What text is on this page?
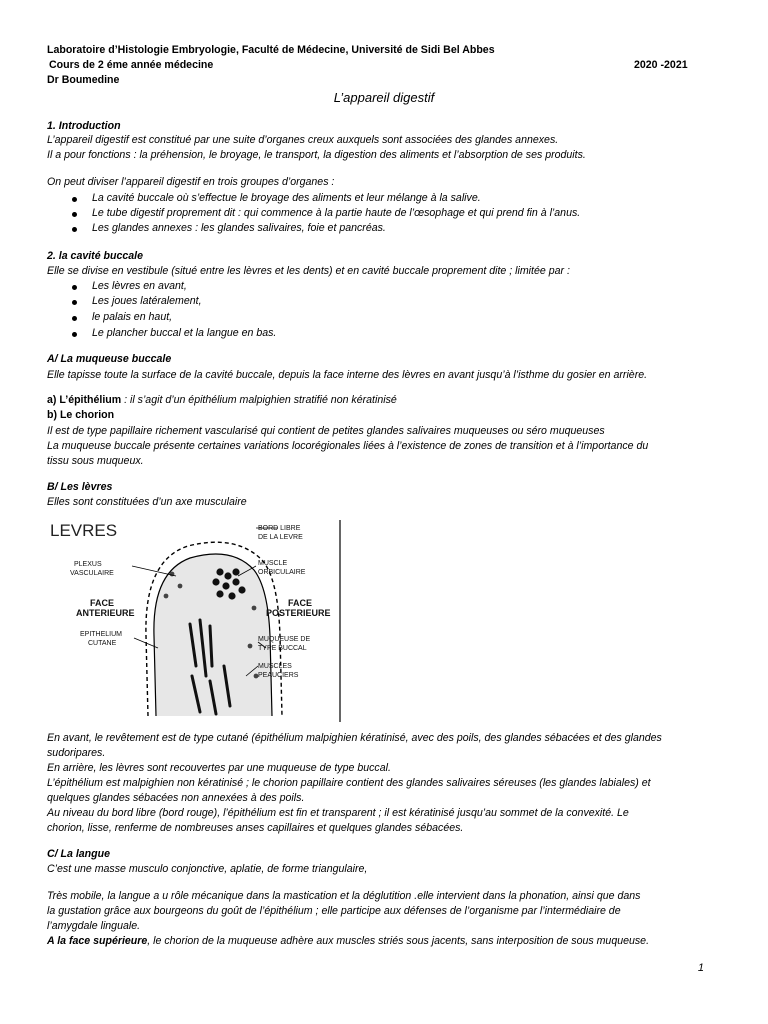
Laboratoire d’Histologie Embryologie, Faculté de Médecine, Université de Sidi Bel Abbes
Cours de 2 éme année médecine	2020 -2021
Dr Boumedine
L’appareil digestif
1. Introduction
L’appareil digestif est constitué par une suite d’organes creux auxquels sont associées des glandes annexes.
Il a pour fonctions : la préhension, le broyage, le transport, la digestion des aliments et l’absorption de ses produits.
On peut diviser l’appareil digestif en trois groupes d’organes :
La cavité buccale où s’effectue le broyage des aliments et leur mélange à la salive.
Le tube digestif proprement dit : qui commence à la partie haute de l’œsophage et qui prend fin à l’anus.
Les glandes annexes : les glandes salivaires, foie et pancréas.
2. la cavité buccale
Elle se divise en vestibule (situé entre les lèvres et les dents) et en cavité buccale proprement dite ; limitée par :
Les lèvres en avant,
Les joues latéralement,
le palais en haut,
Le plancher buccal et la langue en bas.
A/ La muqueuse buccale
Elle tapisse toute la surface de la cavité buccale, depuis la face interne des lèvres en avant jusqu’à l’isthme du gosier en arrière.
a) L’épithélium : il s’agit d’un épithélium malpighien stratifié non kératinisé
b) Le chorion
Il est de type papillaire richement vascularisé qui contient de petites glandes salivaires muqueuses ou séro muqueuses
La muqueuse buccale présente certaines variations locorégionales liées à l’existence de zones de transition et à l’importance du
tissu sous muqueux.
B/ Les lèvres
Elles sont constituées d’un axe musculaire
LEVRES	BORD LIBRE
DE LA LEVRE
PLEXUS
VASCULAIRE
MUSCLE
ORBICULAIRE
EPITHELIUM
CUTANE
MUQUEUSE DE
TYPE BUCCAL
MUSCLES
PEAUCIERS
FACE
ANTERIEURE
FACE
POSTERIEURE
En avant, le revêtement est de type cutané (épithélium malpighien kératinisé, avec des poils, des glandes sébacées et des glandes
sudoripares.
En arrière, les lèvres sont recouvertes par une muqueuse de type buccal.
L’épithélium est malpighien non kératinisé ; le chorion papillaire contient des glandes salivaires séreuses (les glandes labiales) et
quelques glandes sébacées non annexées à des poils.
Au niveau du bord libre (bord rouge), l’épithélium est fin et transparent ; il est kératinisé jusqu’au sommet de la convexité. Le
chorion, lisse, renferme de nombreuses anses capillaires et quelques glandes sébacées.
C/ La langue
C’est une masse musculo conjonctive, aplatie, de forme triangulaire,
Très mobile, la langue a u rôle mécanique dans la mastication et la déglutition .elle intervient dans la phonation, ainsi que dans
la gustation grâce aux bourgeons du goût de l’épithélium ; elle participe aux défenses de l’organisme par l’intermédiaire de
l’amygdale linguale.
A la face supérieure, le chorion de la muqueuse adhère aux muscles striés sous jacents, sans interposition de sous muqueuse.
1
